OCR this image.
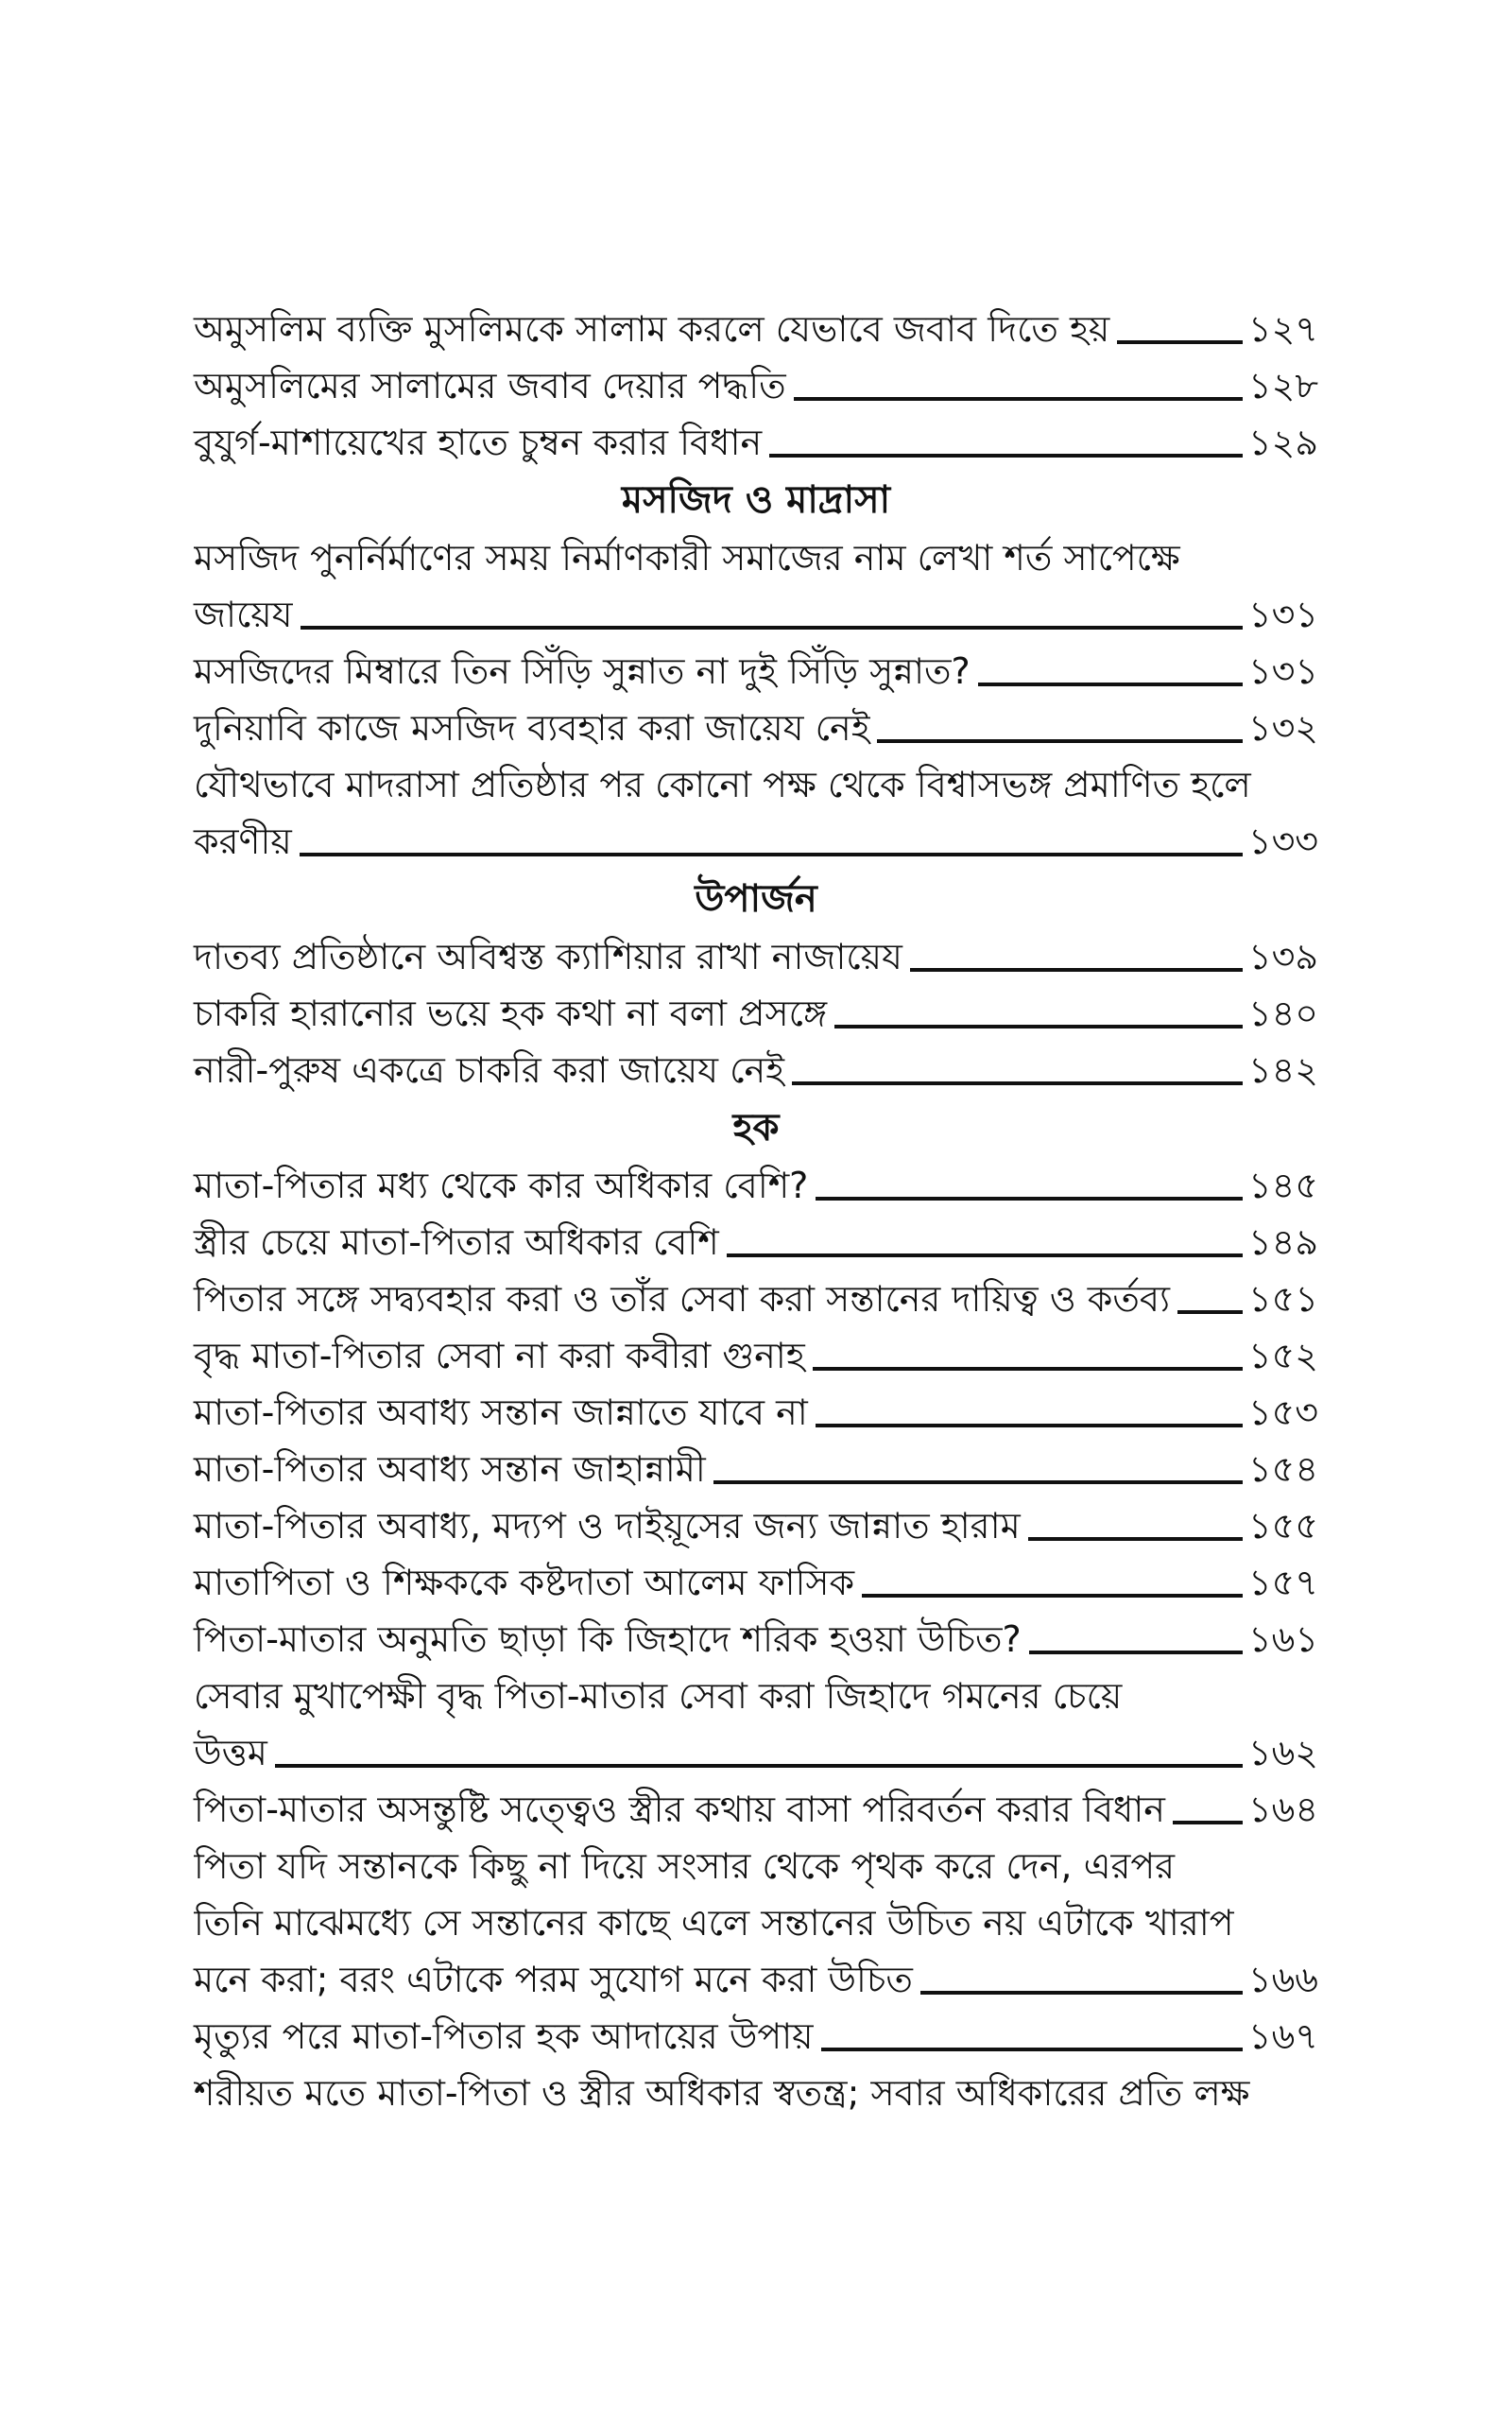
অমুসলিম ব্যক্তি মুসলিমকে সালাম করলে যেভাবে জবাব দিতে হয়	১২৭
অমুসলিমের সালামের জবাব দেয়ার পদ্ধতি	১২৮
বুযুর্গ-মাশায়েখের হাতে চুম্বন করার বিধান	১২৯
মসজিদ ও মাদ্রাসা
মসজিদ পুনর্নির্মাণের সময় নির্মাণকারী সমাজের নাম লেখা শর্ত সাপেক্ষে
জায়েয	১৩১
মসজিদের মিম্বারে তিন সিঁড়ি সুন্নাত না দুই সিঁড়ি সুন্নাত?	১৩১
দুনিয়াবি কাজে মসজিদ ব্যবহার করা জায়েয নেই	১৩২
যৌথভাবে মাদরাসা প্রতিষ্ঠার পর কোনো পক্ষ থেকে বিশ্বাসভঙ্গ প্রমাণিত হলে
করণীয়	১৩৩
উপার্জন
দাতব্য প্রতিষ্ঠানে অবিশ্বস্ত ক্যাশিয়ার রাখা নাজায়েয	১৩৯
চাকরি হারানোর ভয়ে হক কথা না বলা প্রসঙ্গে	১৪০
নারী-পুরুষ একত্রে চাকরি করা জায়েয নেই	১৪২
হক
মাতা-পিতার মধ্য থেকে কার অধিকার বেশি?	১৪৫
স্ত্রীর চেয়ে মাতা-পিতার অধিকার বেশি	১৪৯
পিতার সঙ্গে সদ্ব্যবহার করা ও তাঁর সেবা করা সন্তানের দায়িত্ব ও কর্তব্য ১৫১
বৃদ্ধ মাতা-পিতার সেবা না করা কবীরা গুনাহ	১৫২
মাতা-পিতার অবাধ্য সন্তান জান্নাতে যাবে না	১৫৩
মাতা-পিতার অবাধ্য সন্তান জাহান্নামী	১৫৪
মাতা-পিতার অবাধ্য, মদ্যপ ও দাইয়ূসের জন্য জান্নাত হারাম	১৫৫
মাতাপিতা ও শিক্ষককে কষ্টদাতা আলেম ফাসিক	১৫৭
পিতা-মাতার অনুমতি ছাড়া কি জিহাদে শরিক হওয়া উচিত?	১৬১
সেবার মুখাপেক্ষী বৃদ্ধ পিতা-মাতার সেবা করা জিহাদে গমনের চেয়ে
উত্তম	১৬২
পিতা-মাতার অসন্তুষ্টি সত্ত্বেও স্ত্রীর কথায় বাসা পরিবর্তন করার বিধান ১৬৪
পিতা যদি সন্তানকে কিছু না দিয়ে সংসার থেকে পৃথক করে দেন, এরপর
তিনি মাঝেমধ্যে সে সন্তানের কাছে এলে সন্তানের উচিত নয় এটাকে খারাপ
মনে করা; বরং এটাকে পরম সুযোগ মনে করা উচিত	১৬৬
মৃত্যুর পরে মাতা-পিতার হক আদায়ের উপায়	১৬৭
শরীয়ত মতে মাতা-পিতা ও স্ত্রীর অধিকার স্বতন্ত্র; সবার অধিকারের প্রতি লক্ষ
